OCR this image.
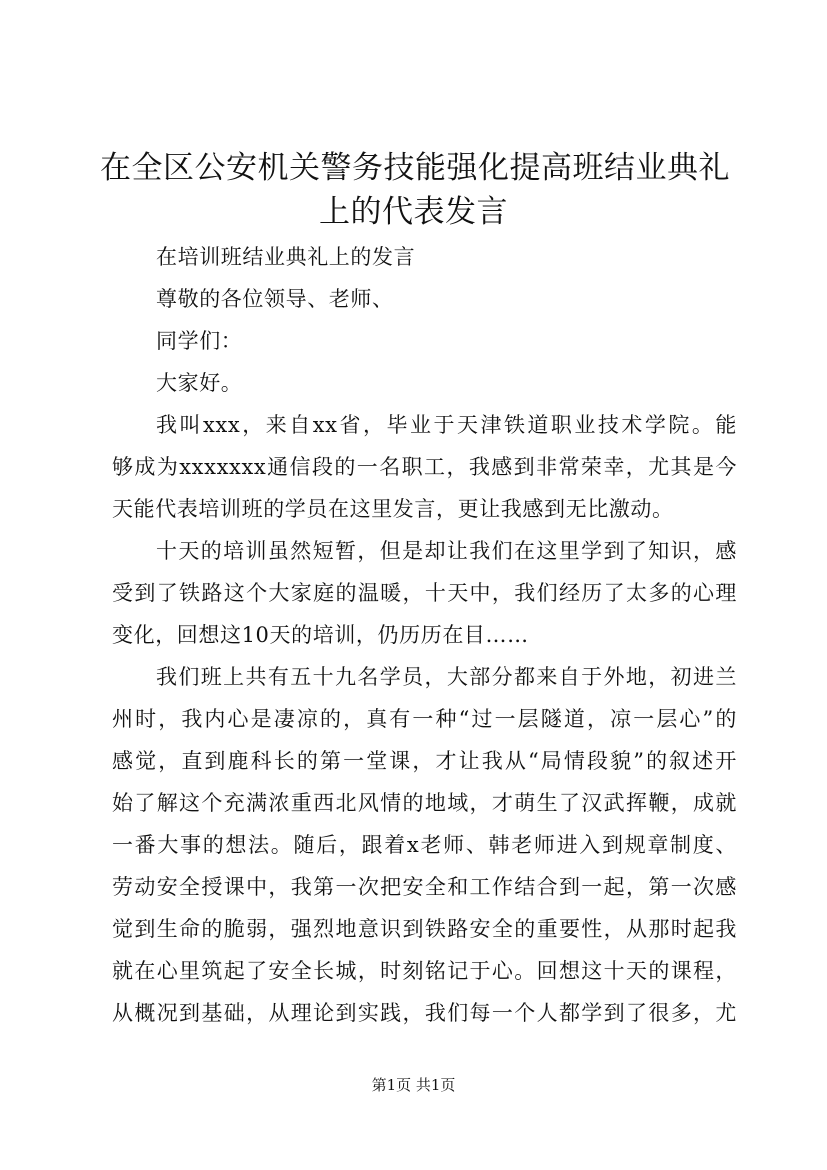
在全区公安机关警务技能强化提高班结业典礼
上的代表发言
在培训班结业典礼上的发言
尊敬的各位领导、老师、
同学们：
大家好。
我叫xxx，来自xx省，毕业于天津铁道职业技术学院。能
够成为xxxxxxx通信段的一名职工，我感到非常荣幸，尤其是今
天能代表培训班的学员在这里发言，更让我感到无比激动。
十天的培训虽然短暂，但是却让我们在这里学到了知识，感
受到了铁路这个大家庭的温暖，十天中，我们经历了太多的心理
变化，回想这10天的培训，仍历历在目……
我们班上共有五十九名学员，大部分都来自于外地，初进兰
州时，我内心是凄凉的，真有一种“过一层隧道，凉一层心”的
感觉，直到鹿科长的第一堂课，才让我从“局情段貌”的叙述开
始了解这个充满浓重西北风情的地域，才萌生了汉武挥鞭，成就
一番大事的想法。随后，跟着x老师、韩老师进入到规章制度、
劳动安全授课中，我第一次把安全和工作结合到一起，第一次感
觉到生命的脆弱，强烈地意识到铁路安全的重要性，从那时起我
就在心里筑起了安全长城，时刻铭记于心。回想这十天的课程，
从概况到基础，从理论到实践，我们每一个人都学到了很多，尤
第1页 共1页
